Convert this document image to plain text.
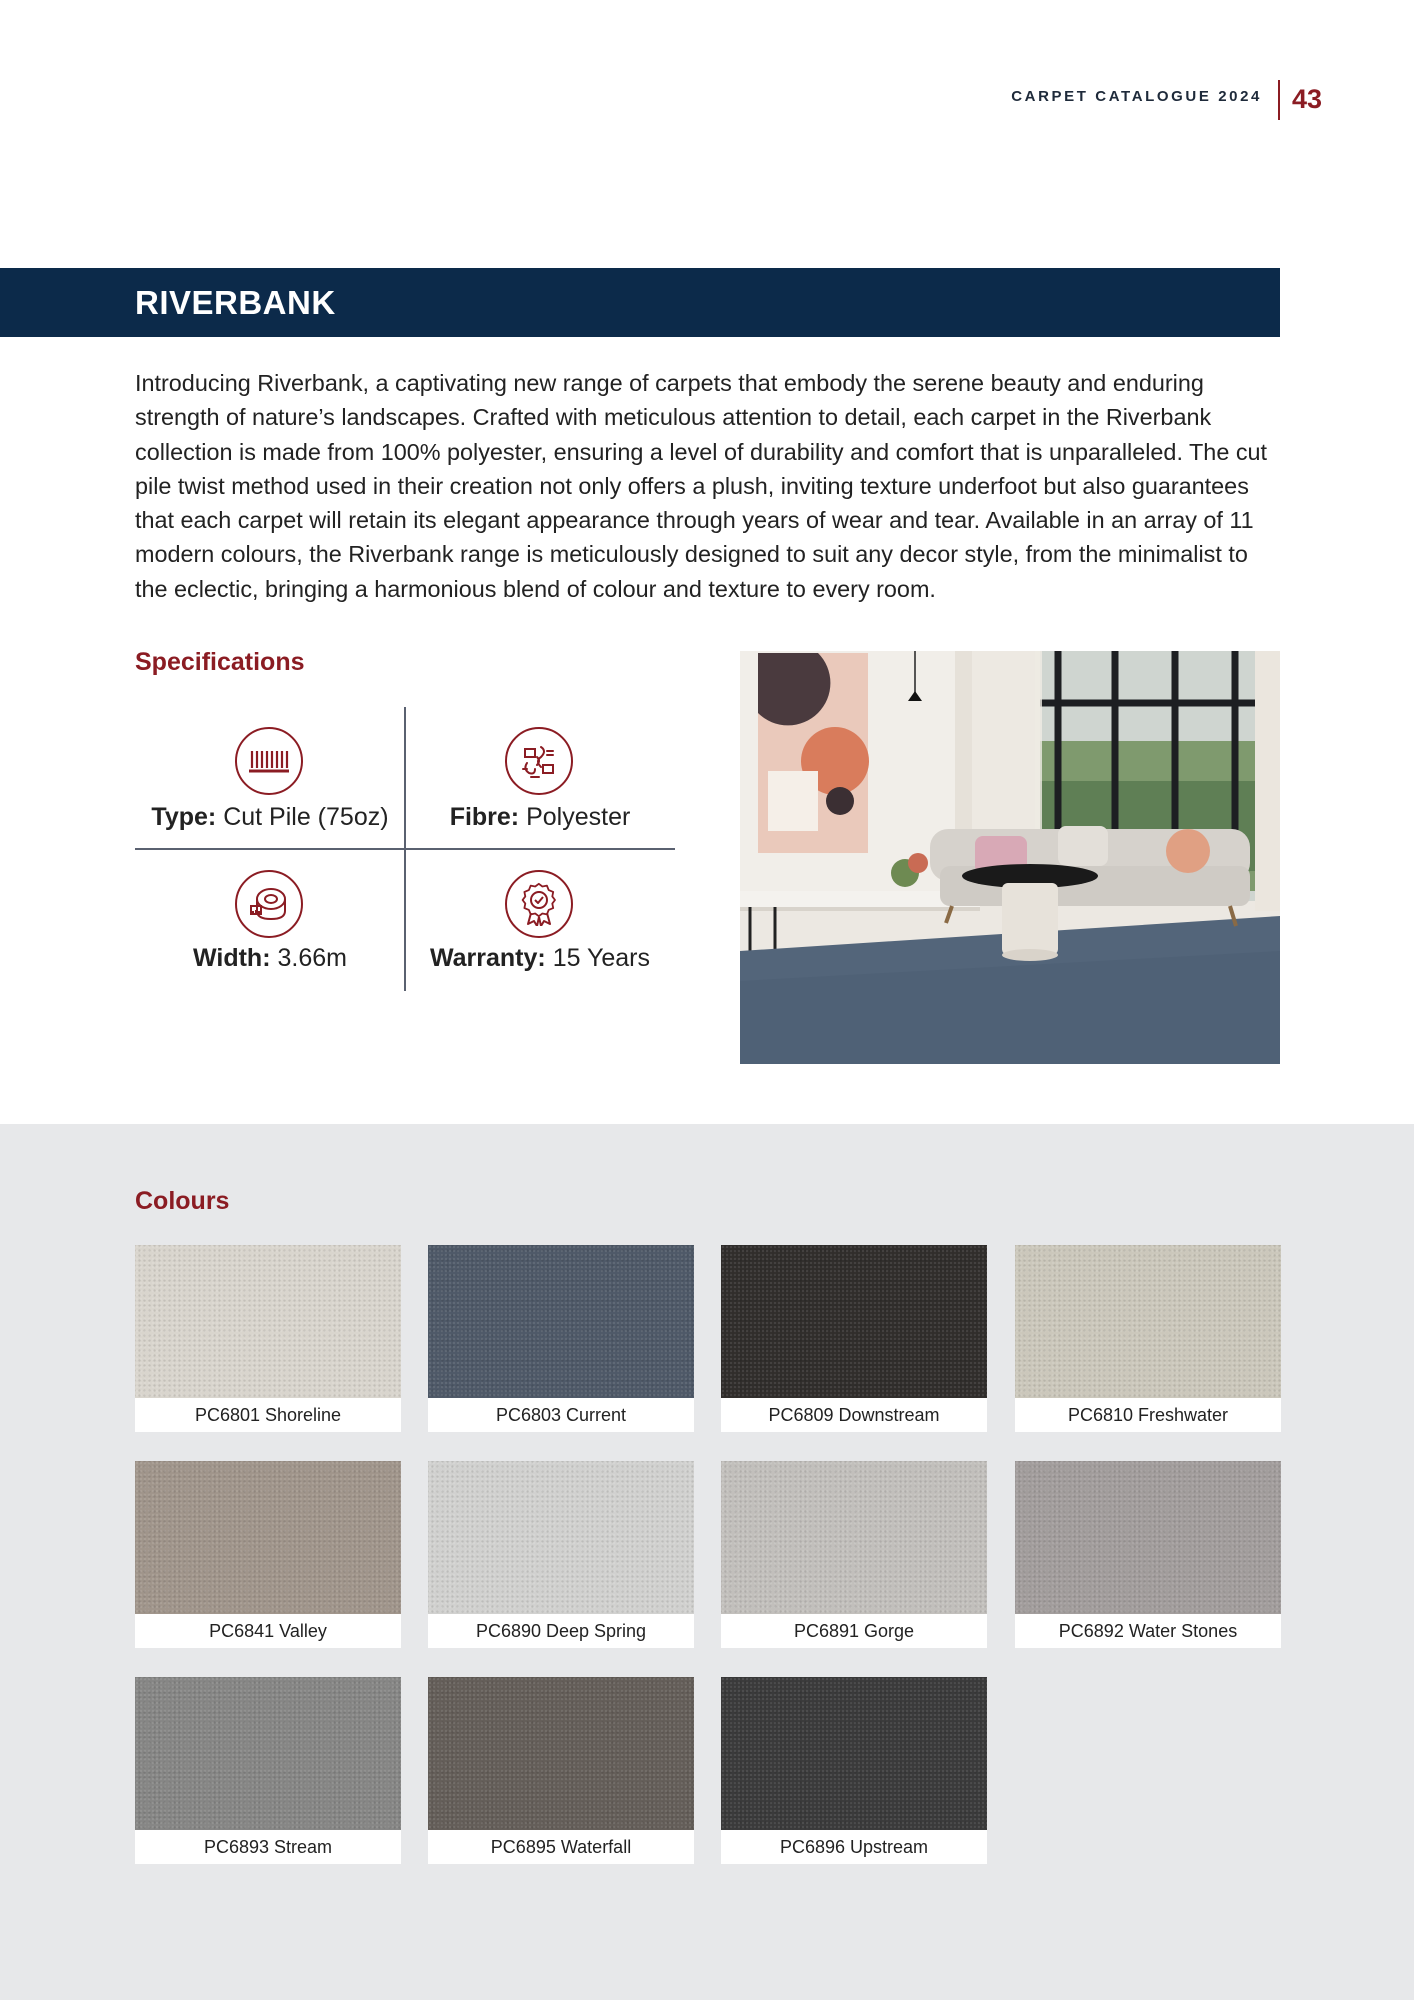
CARPET CATALOGUE 2024 43
RIVERBANK

Introducing Riverbank, a captivating new range of carpets that embody the serene beauty and enduring strength of nature’s landscapes. Crafted with meticulous attention to detail, each carpet in the Riverbank collection is made from 100% polyester, ensuring a level of durability and comfort that is unparalleled. The cut pile twist method used in their creation not only offers a plush, inviting texture underfoot but also guarantees that each carpet will retain its elegant appearance through years of wear and tear. Available in an array of 11 modern colours, the Riverbank range is meticulously designed to suit any decor style, from the minimalist to the eclectic, bringing a harmonious blend of colour and texture to every room.

Specifications
Type: Cut Pile (75oz)	Fibre: Polyester
Width: 3.66m	Warranty: 15 Years
Colours
PC6801 Shoreline	PC6803 Current	PC6809 Downstream	PC6810 Freshwater
PC6841 Valley	PC6890 Deep Spring	PC6891 Gorge	PC6892 Water Stones
PC6893 Stream	PC6895 Waterfall	PC6896 Upstream
